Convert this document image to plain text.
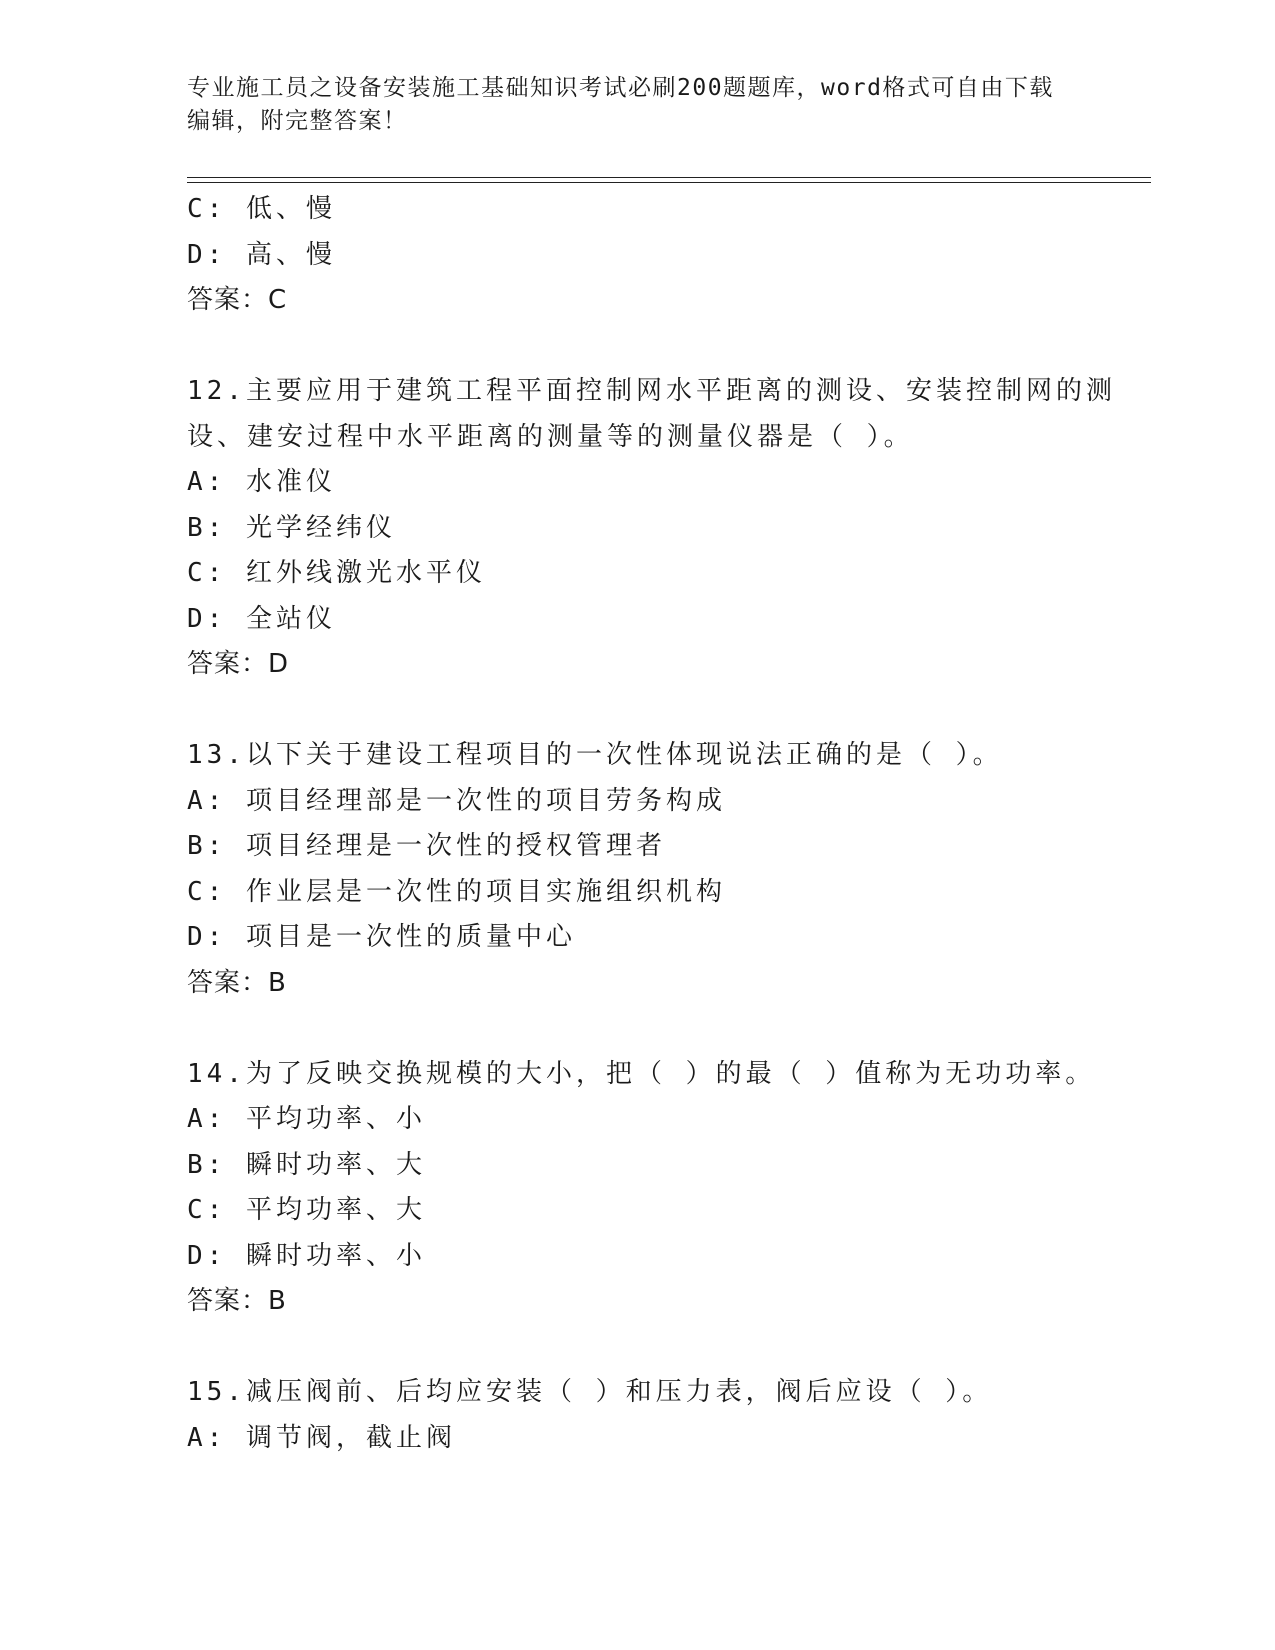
专业施工员之设备安装施工基础知识考试必刷200题题库，word格式可自由下载
编辑，附完整答案！
C: 低、慢
D: 高、慢
答案：C
12.主要应用于建筑工程平面控制网水平距离的测设、安装控制网的测
设、建安过程中水平距离的测量等的测量仪器是（ ）。
A: 水准仪
B: 光学经纬仪
C: 红外线激光水平仪
D: 全站仪
答案：D
13.以下关于建设工程项目的一次性体现说法正确的是（ ）。
A: 项目经理部是一次性的项目劳务构成
B: 项目经理是一次性的授权管理者
C: 作业层是一次性的项目实施组织机构
D: 项目是一次性的质量中心
答案：B
14.为了反映交换规模的大小，把（ ）的最（ ）值称为无功功率。
A: 平均功率、小
B: 瞬时功率、大
C: 平均功率、大
D: 瞬时功率、小
答案：B
15.减压阀前、后均应安装（ ）和压力表，阀后应设（ ）。
A: 调节阀，截止阀
